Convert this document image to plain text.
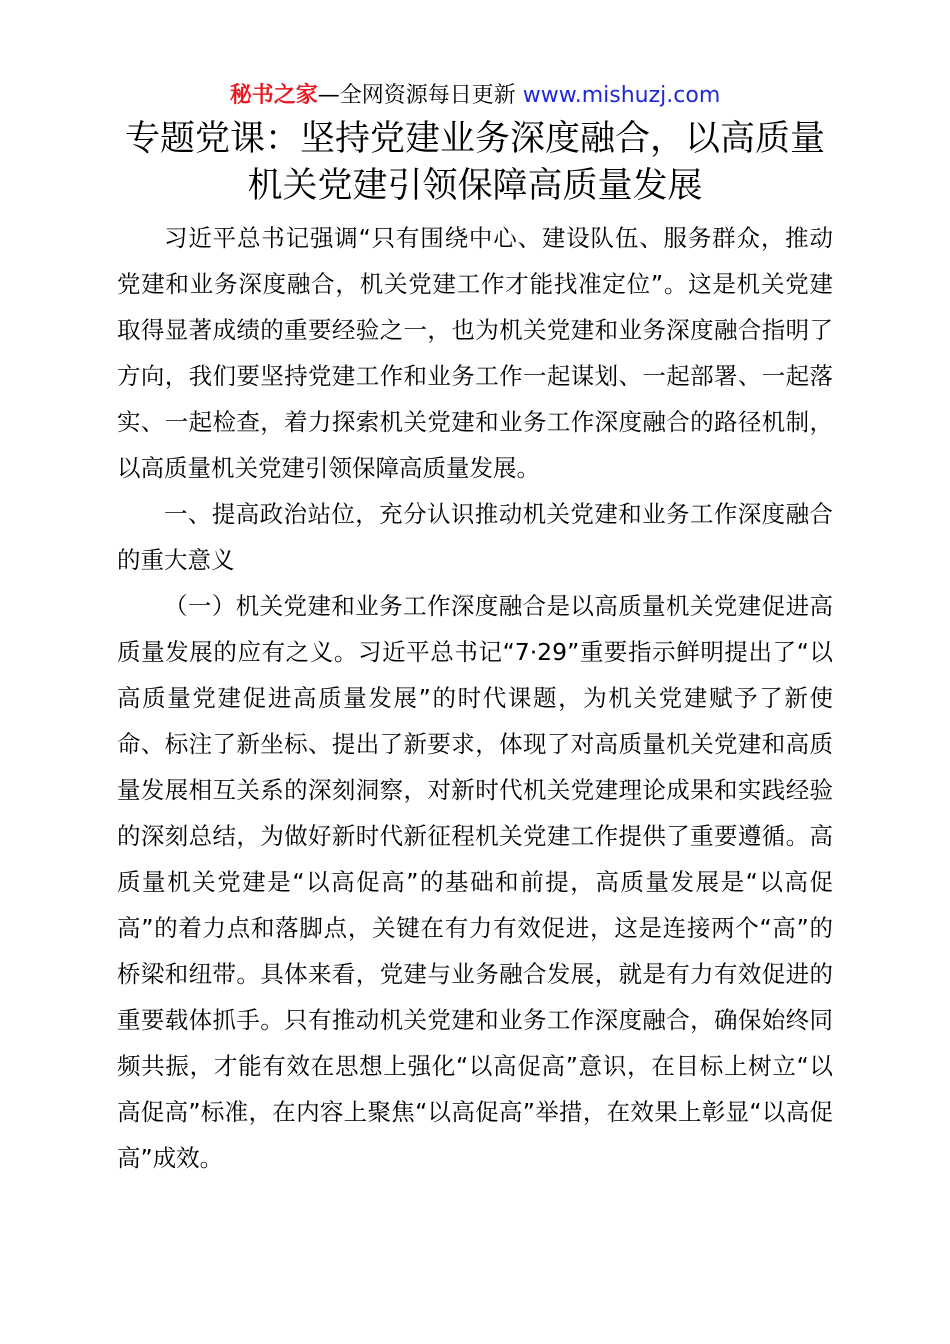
秘书之家—全网资源每日更新 www.mishuzj.com
专题党课：坚持党建业务深度融合，以高质量
机关党建引领保障高质量发展

习近平总书记强调“只有围绕中心、建设队伍、服务群众，推动党建和业务深度融合，机关党建工作才能找准定位”。这是机关党建取得显著成绩的重要经验之一，也为机关党建和业务深度融合指明了方向，我们要坚持党建工作和业务工作一起谋划、一起部署、一起落实、一起检查，着力探索机关党建和业务工作深度融合的路径机制，以高质量机关党建引领保障高质量发展。

一、提高政治站位，充分认识推动机关党建和业务工作深度融合的重大意义

（一）机关党建和业务工作深度融合是以高质量机关党建促进高质量发展的应有之义。习近平总书记“7·29”重要指示鲜明提出了“以高质量党建促进高质量发展”的时代课题，为机关党建赋予了新使命、标注了新坐标、提出了新要求，体现了对高质量机关党建和高质量发展相互关系的深刻洞察，对新时代机关党建理论成果和实践经验的深刻总结，为做好新时代新征程机关党建工作提供了重要遵循。高质量机关党建是“以高促高”的基础和前提，高质量发展是“以高促高”的着力点和落脚点，关键在有力有效促进，这是连接两个“高”的桥梁和纽带。具体来看，党建与业务融合发展，就是有力有效促进的重要载体抓手。只有推动机关党建和业务工作深度融合，确保始终同频共振，才能有效在思想上强化“以高促高”意识，在目标上树立“以高促高”标准，在内容上聚焦“以高促高”举措，在效果上彰显“以高促高”成效。
